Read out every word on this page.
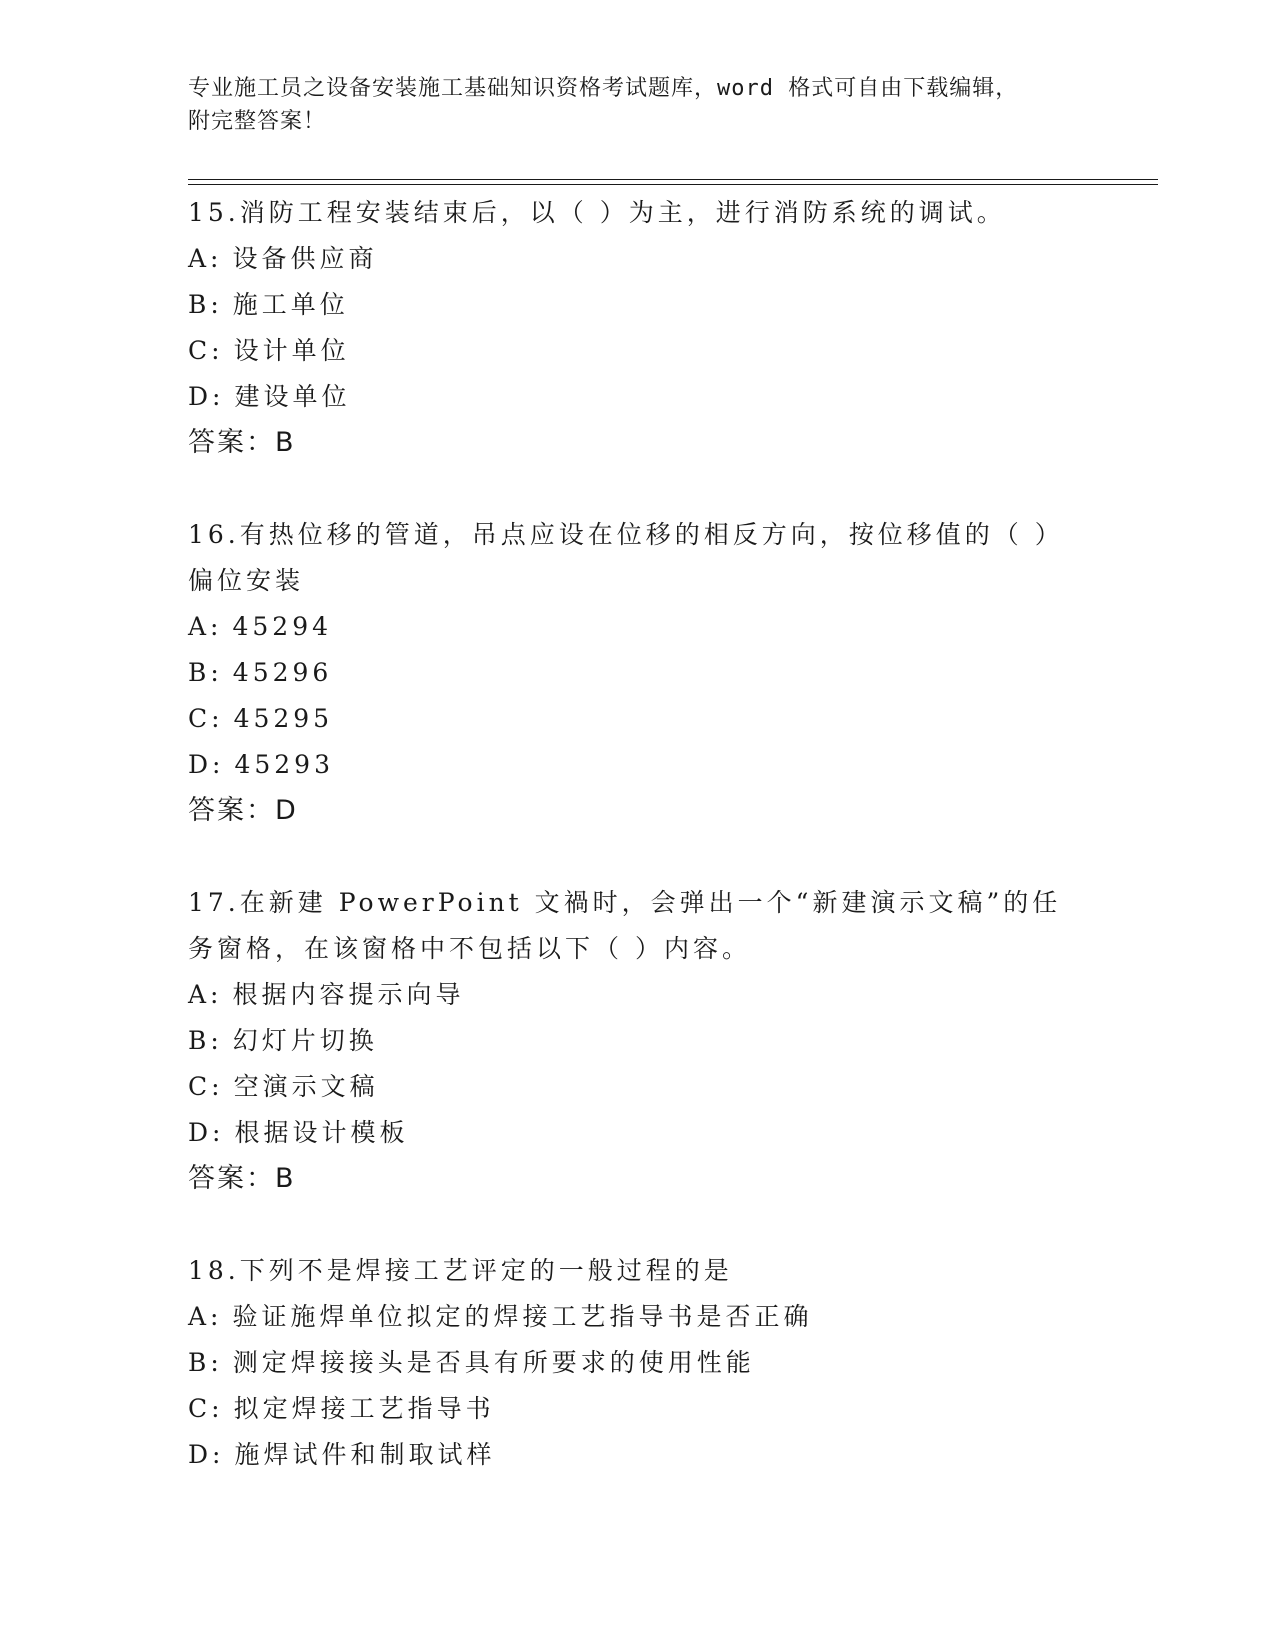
专业施工员之设备安装施工基础知识资格考试题库，word 格式可自由下载编辑，
附完整答案！

15.消防工程安装结束后，以（ ）为主，进行消防系统的调试。

A: 设备供应商

B: 施工单位

C: 设计单位

D: 建设单位

答案：B

16.有热位移的管道，吊点应设在位移的相反方向，按位移值的（ ）偏位安装

A: 45294

B: 45296

C: 45295

D: 45293

答案：D

17.在新建 PowerPoint 文禍时，会弹出一个“新建演示文稿”的任务窗格，在该窗格中不包括以下（ ）内容。

A: 根据内容提示向导

B: 幻灯片切换

C: 空演示文稿

D: 根据设计模板

答案：B

18.下列不是焊接工艺评定的一般过程的是

A: 验证施焊单位拟定的焊接工艺指导书是否正确

B: 测定焊接接头是否具有所要求的使用性能

C: 拟定焊接工艺指导书

D: 施焊试件和制取试样
